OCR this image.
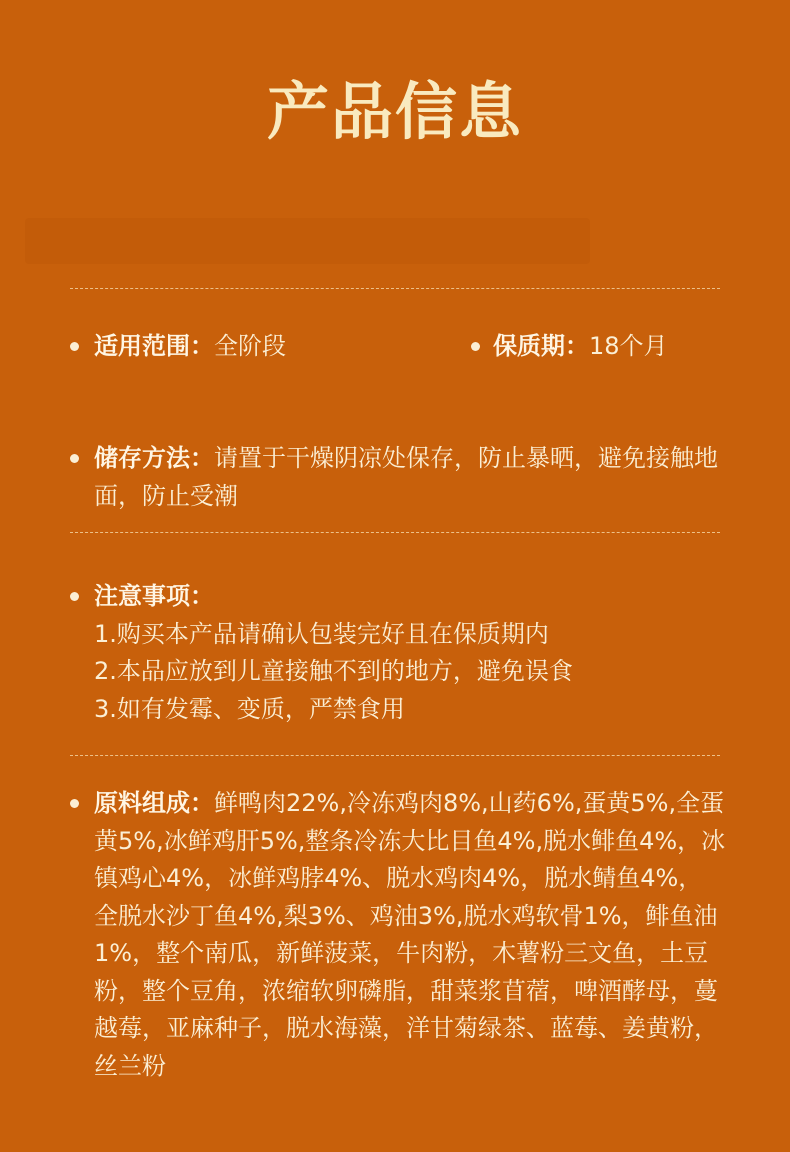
产品信息
适用范围：全阶段	保质期：18个月
储存方法：请置于干燥阴凉处保存，防止暴晒，避免接触地面，防止受潮
注意事项：
1.购买本产品请确认包装完好且在保质期内
2.本品应放到儿童接触不到的地方，避免误食
3.如有发霉、变质，严禁食用
原料组成：鲜鸭肉22%,冷冻鸡肉8%,山药6%,蛋黄5%,全蛋黄5%,冰鲜鸡肝5%,整条冷冻大比目鱼4%,脱水鲱鱼4%，冰镇鸡心4%，冰鲜鸡脖4%、脱水鸡肉4%，脱水鲭鱼4%，全脱水沙丁鱼4%,梨3%、鸡油3%,脱水鸡软骨1%，鲱鱼油1%，整个南瓜，新鲜菠菜，牛肉粉，木薯粉三文鱼，土豆粉，整个豆角，浓缩软卵磷脂，甜菜浆苜蓿，啤酒酵母，蔓越莓，亚麻种子，脱水海藻，洋甘菊绿茶、蓝莓、姜黄粉，丝兰粉
